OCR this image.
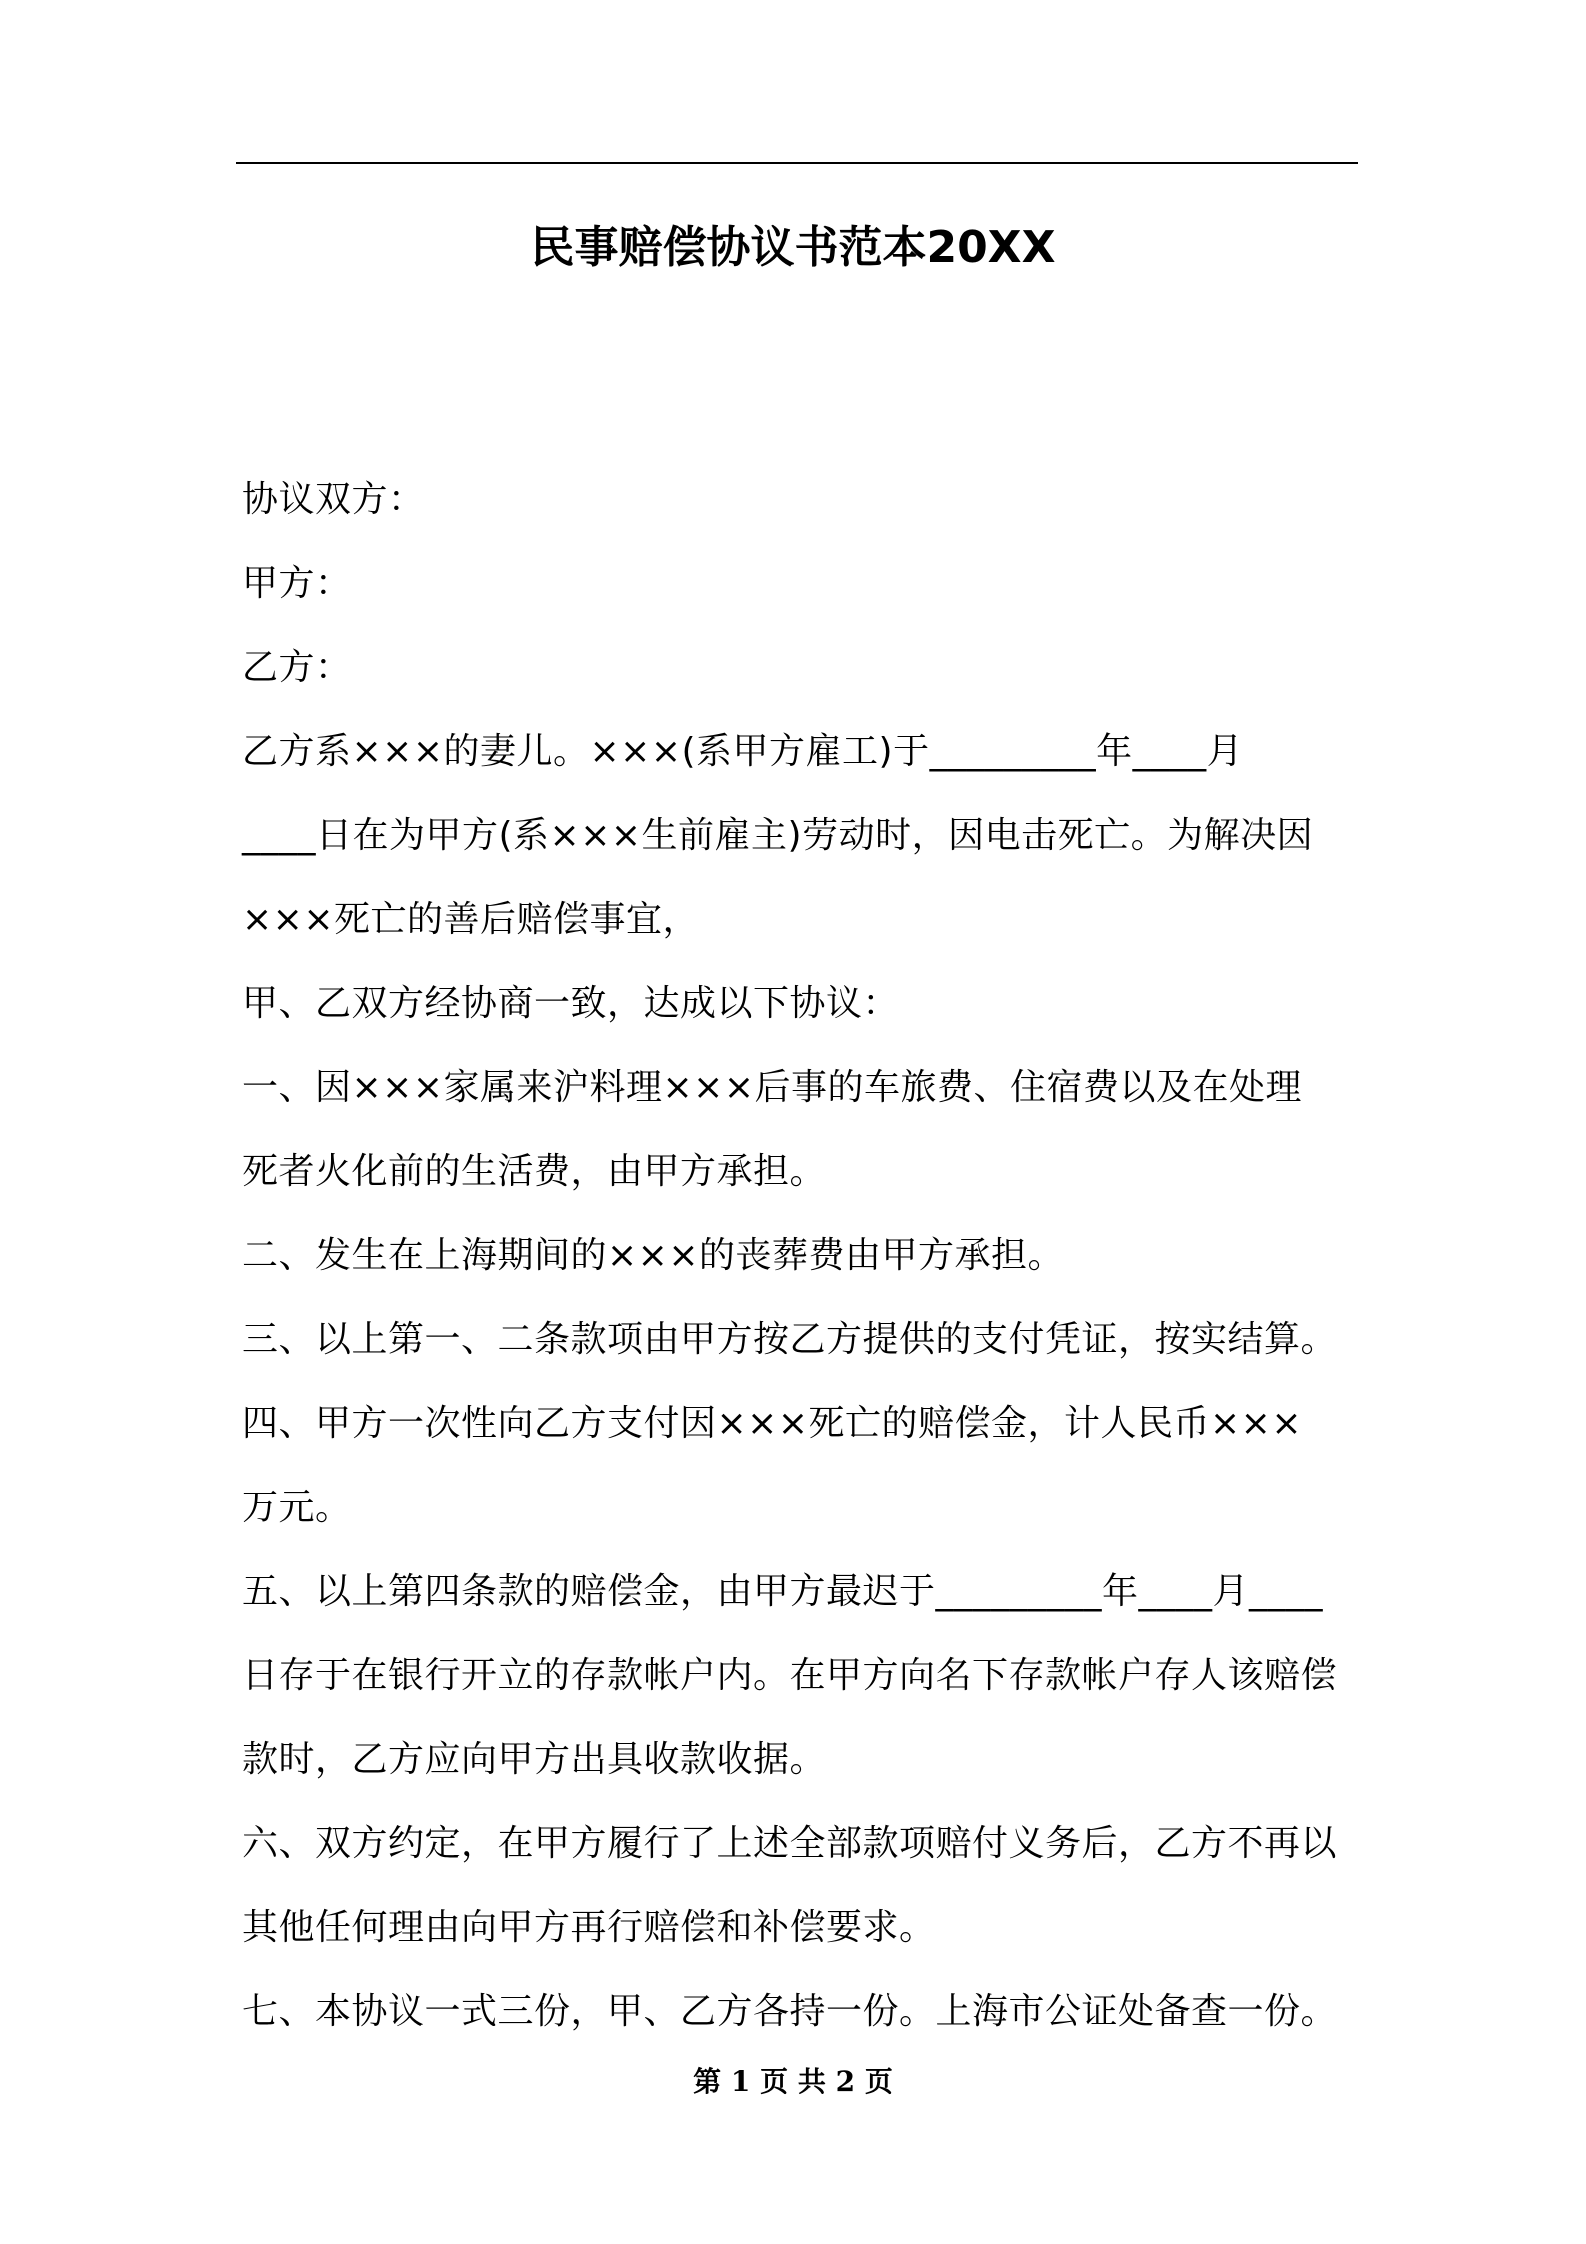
民事赔偿协议书范本20XX
协议双方：
甲方：
乙方：
乙方系×××的妻儿。×××(系甲方雇工)于_________年____月
____日在为甲方(系×××生前雇主)劳动时，因电击死亡。为解决因
×××死亡的善后赔偿事宜，
甲、乙双方经协商一致，达成以下协议：
一、因×××家属来沪料理×××后事的车旅费、住宿费以及在处理
死者火化前的生活费，由甲方承担。
二、发生在上海期间的×××的丧葬费由甲方承担。
三、以上第一、二条款项由甲方按乙方提供的支付凭证，按实结算。
四、甲方一次性向乙方支付因×××死亡的赔偿金，计人民币×××
万元。
五、以上第四条款的赔偿金，由甲方最迟于_________年____月____
日存于在银行开立的存款帐户内。在甲方向名下存款帐户存人该赔偿
款时，乙方应向甲方出具收款收据。
六、双方约定，在甲方履行了上述全部款项赔付义务后，乙方不再以
其他任何理由向甲方再行赔偿和补偿要求。
七、本协议一式三份，甲、乙方各持一份。上海市公证处备查一份。
第 1 页 共 2 页
